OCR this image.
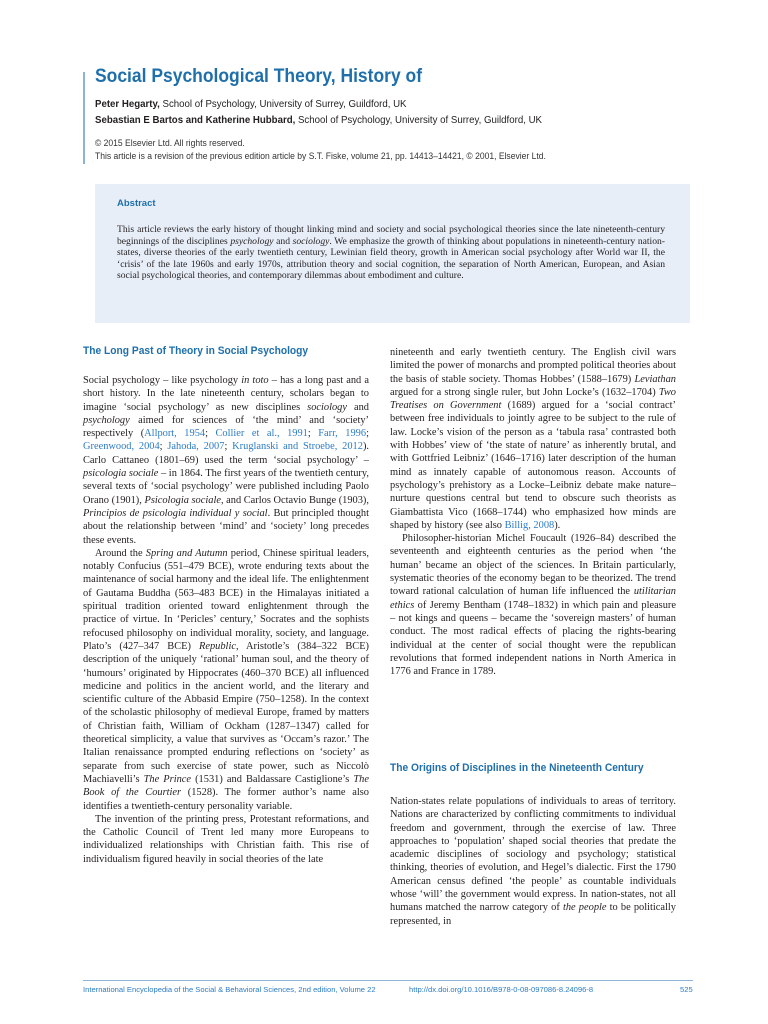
Social Psychological Theory, History of
Peter Hegarty, School of Psychology, University of Surrey, Guildford, UK
Sebastian E Bartos and Katherine Hubbard, School of Psychology, University of Surrey, Guildford, UK
© 2015 Elsevier Ltd. All rights reserved.
This article is a revision of the previous edition article by S.T. Fiske, volume 21, pp. 14413–14421, © 2001, Elsevier Ltd.
Abstract

This article reviews the early history of thought linking mind and society and social psychological theories since the late nineteenth-century beginnings of the disciplines psychology and sociology. We emphasize the growth of thinking about populations in nineteenth-century nation-states, diverse theories of the early twentieth century, Lewinian field theory, growth in American social psychology after World war II, the ‘crisis’ of the late 1960s and early 1970s, attribution theory and social cognition, the separation of North American, European, and Asian social psychological theories, and contemporary dilemmas about embodiment and culture.

The Long Past of Theory in Social Psychology

Social psychology – like psychology in toto – has a long past and a short history. In the late nineteenth century, scholars began to imagine ‘social psychology’ as new disciplines sociology and psychology aimed for sciences of ‘the mind’ and ‘society’ respectively (Allport, 1954; Collier et al., 1991; Farr, 1996; Greenwood, 2004; Jahoda, 2007; Kruglanski and Stroebe, 2012). Carlo Cattaneo (1801–69) used the term ‘social psychology’ – psicologia sociale – in 1864. The first years of the twentieth century, several texts of ‘social psychology’ were published including Paolo Orano (1901), Psicologia sociale, and Carlos Octavio Bunge (1903), Principios de psicologia individual y social. But principled thought about the relationship between ‘mind’ and ‘society’ long precedes these events.

Around the Spring and Autumn period, Chinese spiritual leaders, notably Confucius (551–479 BCE), wrote enduring texts about the maintenance of social harmony and the ideal life. The enlightenment of Gautama Buddha (563–483 BCE) in the Himalayas initiated a spiritual tradition oriented toward enlightenment through the practice of virtue. In ‘Pericles’ century,’ Socrates and the sophists refocused philosophy on individual morality, society, and language. Plato’s (427–347 BCE) Republic, Aristotle’s (384–322 BCE) description of the uniquely ‘rational’ human soul, and the theory of ‘humours’ originated by Hippocrates (460–370 BCE) all influenced medicine and politics in the ancient world, and the literary and scientific culture of the Abbasid Empire (750–1258). In the context of the scholastic philosophy of medieval Europe, framed by matters of Christian faith, William of Ockham (1287–1347) called for theoretical simplicity, a value that survives as ‘Occam’s razor.’ The Italian renaissance prompted enduring reflections on ‘society’ as separate from such exercise of state power, such as Niccolò Machiavelli’s The Prince (1531) and Baldassare Castiglione’s The Book of the Courtier (1528). The former author’s name also identifies a twentieth-century personality variable.

The invention of the printing press, Protestant reformations, and the Catholic Council of Trent led many more Europeans to individualized relationships with Christian faith. This rise of individualism figured heavily in social theories of the late

nineteenth and early twentieth century. The English civil wars limited the power of monarchs and prompted political theories about the basis of stable society. Thomas Hobbes’ (1588–1679) Leviathan argued for a strong single ruler, but John Locke’s (1632–1704) Two Treatises on Government (1689) argued for a ‘social contract’ between free individuals to jointly agree to be subject to the rule of law. Locke’s vision of the person as a ‘tabula rasa’ contrasted both with Hobbes’ view of ‘the state of nature’ as inherently brutal, and with Gottfried Leibniz’ (1646–1716) later description of the human mind as innately capable of autonomous reason. Accounts of psychology’s prehistory as a Locke–Leibniz debate make nature–nurture questions central but tend to obscure such theorists as Giambattista Vico (1668–1744) who emphasized how minds are shaped by history (see also Billig, 2008).

Philosopher-historian Michel Foucault (1926–84) described the seventeenth and eighteenth centuries as the period when ‘the human’ became an object of the sciences. In Britain particularly, systematic theories of the economy began to be theorized. The trend toward rational calculation of human life influenced the utilitarian ethics of Jeremy Bentham (1748–1832) in which pain and pleasure – not kings and queens – became the ‘sovereign masters’ of human conduct. The most radical effects of placing the rights-bearing individual at the center of social thought were the republican revolutions that formed independent nations in North America in 1776 and France in 1789.

The Origins of Disciplines in the Nineteenth Century

Nation-states relate populations of individuals to areas of territory. Nations are characterized by conflicting commitments to individual freedom and government, through the exercise of law. Three approaches to ‘population’ shaped social theories that predate the academic disciplines of sociology and psychology; statistical thinking, theories of evolution, and Hegel’s dialectic. First the 1790 American census defined ‘the people’ as countable individuals whose ‘will’ the government would express. In nation-states, not all humans matched the narrow category of the people to be politically represented, in

International Encyclopedia of the Social & Behavioral Sciences, 2nd edition, Volume 22	http://dx.doi.org/10.1016/B978-0-08-097086-8.24096-8	525
